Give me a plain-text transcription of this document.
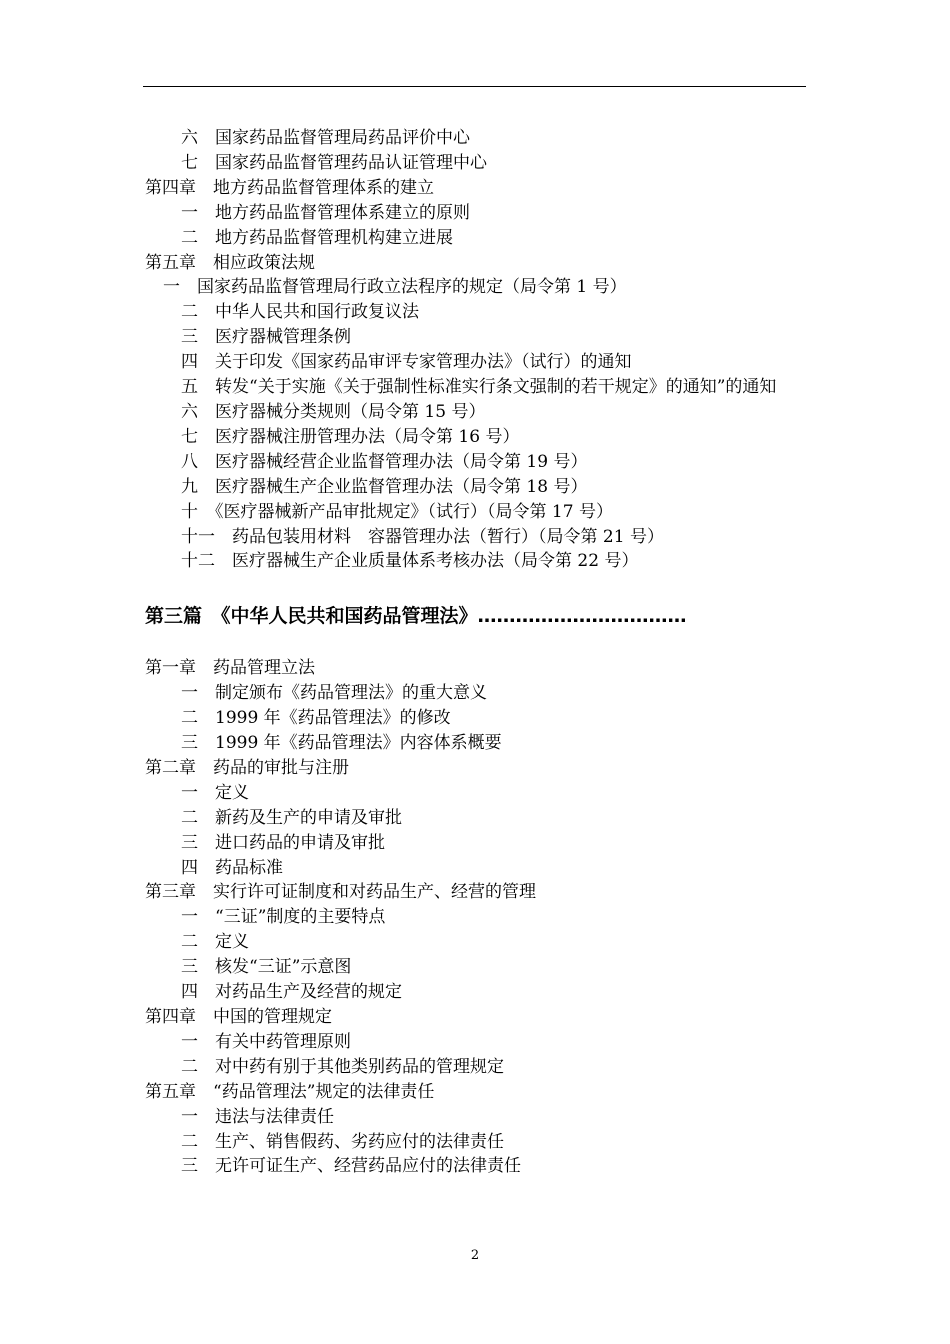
六　国家药品监督管理局药品评价中心
七　国家药品监督管理药品认证管理中心
第四章　地方药品监督管理体系的建立
一　地方药品监督管理体系建立的原则
二　地方药品监督管理机构建立进展
第五章　相应政策法规
一　国家药品监督管理局行政立法程序的规定（局令第 1 号）
二　中华人民共和国行政复议法
三　医疗器械管理条例
四　关于印发《国家药品审评专家管理办法》（试行）的通知
五　转发“关于实施《关于强制性标准实行条文强制的若干规定》的通知”的通知
六　医疗器械分类规则（局令第 15 号）
七　医疗器械注册管理办法（局令第 16 号）
八　医疗器械经营企业监督管理办法（局令第 19 号）
九　医疗器械生产企业监督管理办法（局令第 18 号）
十　《医疗器械新产品审批规定》（试行）（局令第 17 号）
十一　药品包装用材料　容器管理办法（暂行）（局令第 21 号）
十二　医疗器械生产企业质量体系考核办法（局令第 22 号）
第三篇　《中华人民共和国药品管理法》……………………………
第一章　药品管理立法
一　制定颁布《药品管理法》的重大意义
二　1999 年《药品管理法》的修改
三　1999 年《药品管理法》内容体系概要
第二章　药品的审批与注册
一　定义
二　新药及生产的申请及审批
三　进口药品的申请及审批
四　药品标准
第三章　实行许可证制度和对药品生产、经营的管理
一　“三证”制度的主要特点
二　定义
三　核发“三证”示意图
四　对药品生产及经营的规定
第四章　中国的管理规定
一　有关中药管理原则
二　对中药有别于其他类别药品的管理规定
第五章　“药品管理法”规定的法律责任
一　违法与法律责任
二　生产、销售假药、劣药应付的法律责任
三　无许可证生产、经营药品应付的法律责任
2
